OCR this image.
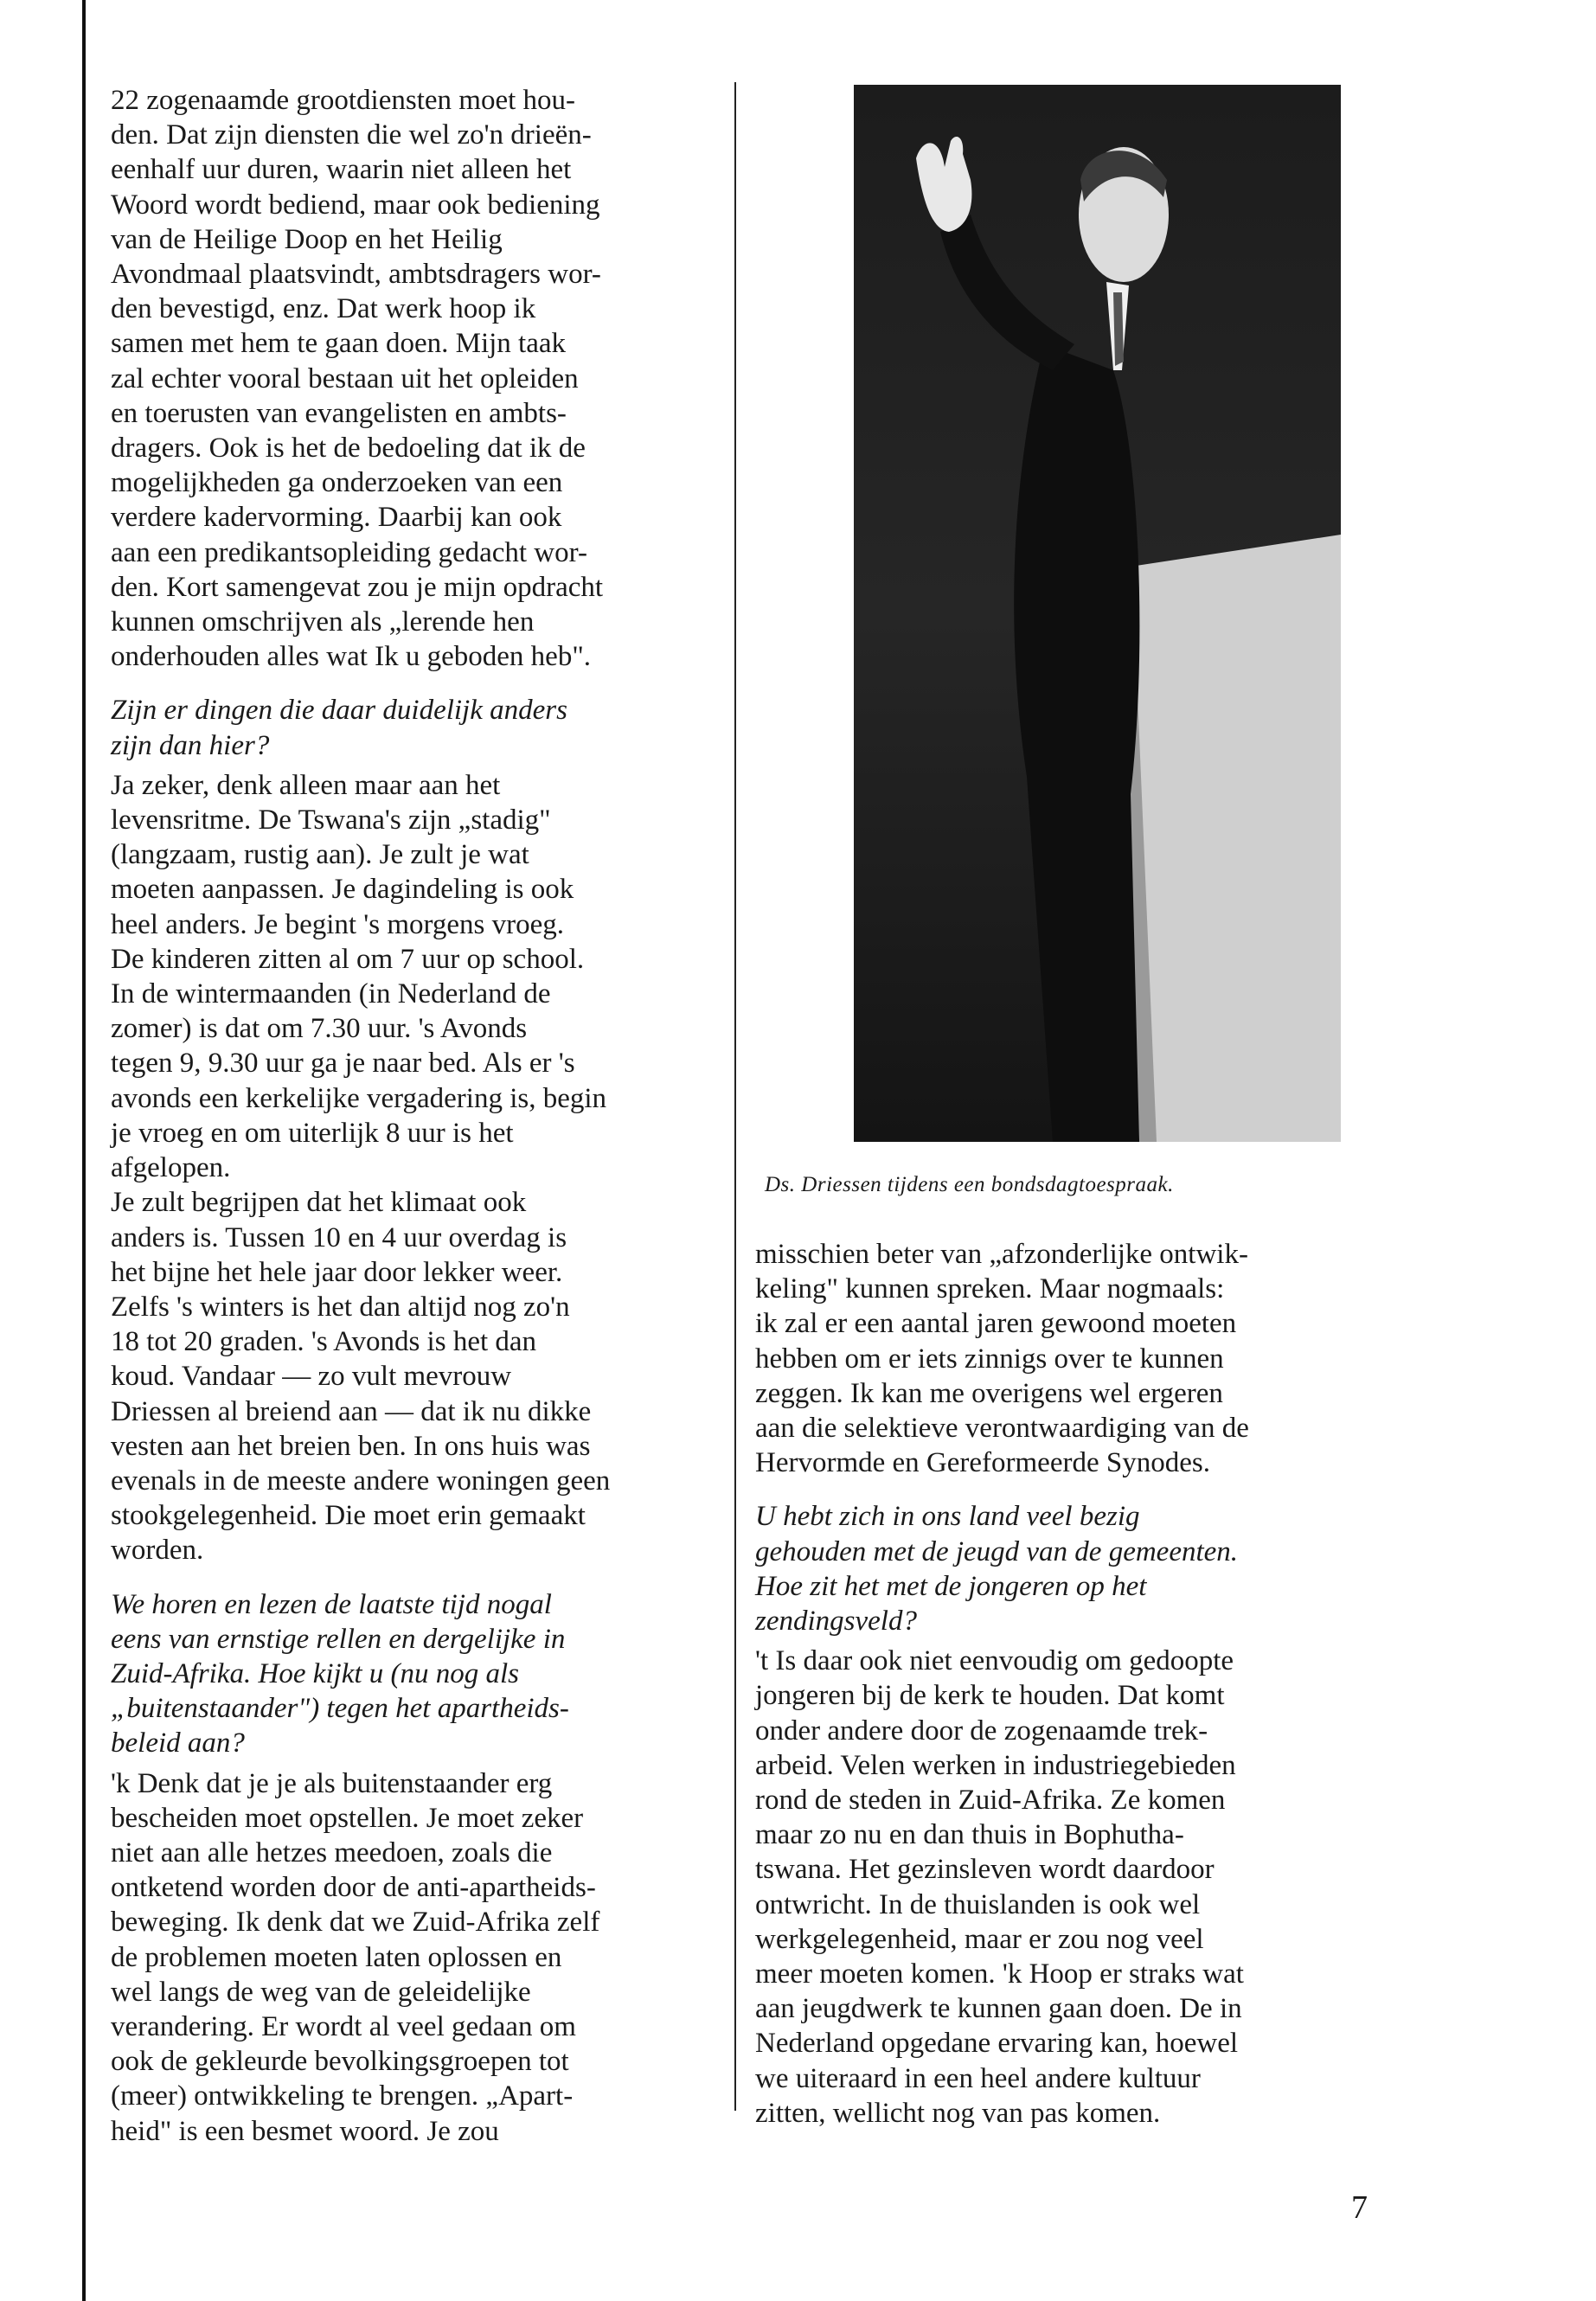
22 zogenaamde grootdiensten moet hou-
den. Dat zijn diensten die wel zo'n drieën-
eenhalf uur duren, waarin niet alleen het
Woord wordt bediend, maar ook bediening
van de Heilige Doop en het Heilig
Avondmaal plaatsvindt, ambtsdragers wor-
den bevestigd, enz. Dat werk hoop ik
samen met hem te gaan doen. Mijn taak
zal echter vooral bestaan uit het opleiden
en toerusten van evangelisten en ambts-
dragers. Ook is het de bedoeling dat ik de
mogelijkheden ga onderzoeken van een
verdere kadervorming. Daarbij kan ook
aan een predikantsopleiding gedacht wor-
den. Kort samengevat zou je mijn opdracht
kunnen omschrijven als „lerende hen
onderhouden alles wat Ik u geboden heb".

Zijn er dingen die daar duidelijk anders
zijn dan hier?

Ja zeker, denk alleen maar aan het
levensritme. De Tswana's zijn „stadig"
(langzaam, rustig aan). Je zult je wat
moeten aanpassen. Je dagindeling is ook
heel anders. Je begint 's morgens vroeg.
De kinderen zitten al om 7 uur op school.
In de wintermaanden (in Nederland de
zomer) is dat om 7.30 uur. 's Avonds
tegen 9, 9.30 uur ga je naar bed. Als er 's
avonds een kerkelijke vergadering is, begin
je vroeg en om uiterlijk 8 uur is het
afgelopen.
Je zult begrijpen dat het klimaat ook
anders is. Tussen 10 en 4 uur overdag is
het bijne het hele jaar door lekker weer.
Zelfs 's winters is het dan altijd nog zo'n
18 tot 20 graden. 's Avonds is het dan
koud. Vandaar — zo vult mevrouw
Driessen al breiend aan — dat ik nu dikke
vesten aan het breien ben. In ons huis was
evenals in de meeste andere woningen geen
stookgelegenheid. Die moet erin gemaakt
worden.

We horen en lezen de laatste tijd nogal
eens van ernstige rellen en dergelijke in
Zuid-Afrika. Hoe kijkt u (nu nog als
„buitenstaander") tegen het apartheids-
beleid aan?

'k Denk dat je je als buitenstaander erg
bescheiden moet opstellen. Je moet zeker
niet aan alle hetzes meedoen, zoals die
ontketend worden door de anti-apartheids-
beweging. Ik denk dat we Zuid-Afrika zelf
de problemen moeten laten oplossen en
wel langs de weg van de geleidelijke
verandering. Er wordt al veel gedaan om
ook de gekleurde bevolkingsgroepen tot
(meer) ontwikkeling te brengen. „Apart-
heid" is een besmet woord. Je zou

Ds. Driessen tijdens een bondsdagtoespraak.

misschien beter van „afzonderlijke ontwik-
keling" kunnen spreken. Maar nogmaals:
ik zal er een aantal jaren gewoond moeten
hebben om er iets zinnigs over te kunnen
zeggen. Ik kan me overigens wel ergeren
aan die selektieve verontwaardiging van de
Hervormde en Gereformeerde Synodes.

U hebt zich in ons land veel bezig
gehouden met de jeugd van de gemeenten.
Hoe zit het met de jongeren op het
zendingsveld?

't Is daar ook niet eenvoudig om gedoopte
jongeren bij de kerk te houden. Dat komt
onder andere door de zogenaamde trek-
arbeid. Velen werken in industriegebieden
rond de steden in Zuid-Afrika. Ze komen
maar zo nu en dan thuis in Bophutha-
tswana. Het gezinsleven wordt daardoor
ontwricht. In de thuislanden is ook wel
werkgelegenheid, maar er zou nog veel
meer moeten komen. 'k Hoop er straks wat
aan jeugdwerk te kunnen gaan doen. De in
Nederland opgedane ervaring kan, hoewel
we uiteraard in een heel andere kultuur
zitten, wellicht nog van pas komen.

7
